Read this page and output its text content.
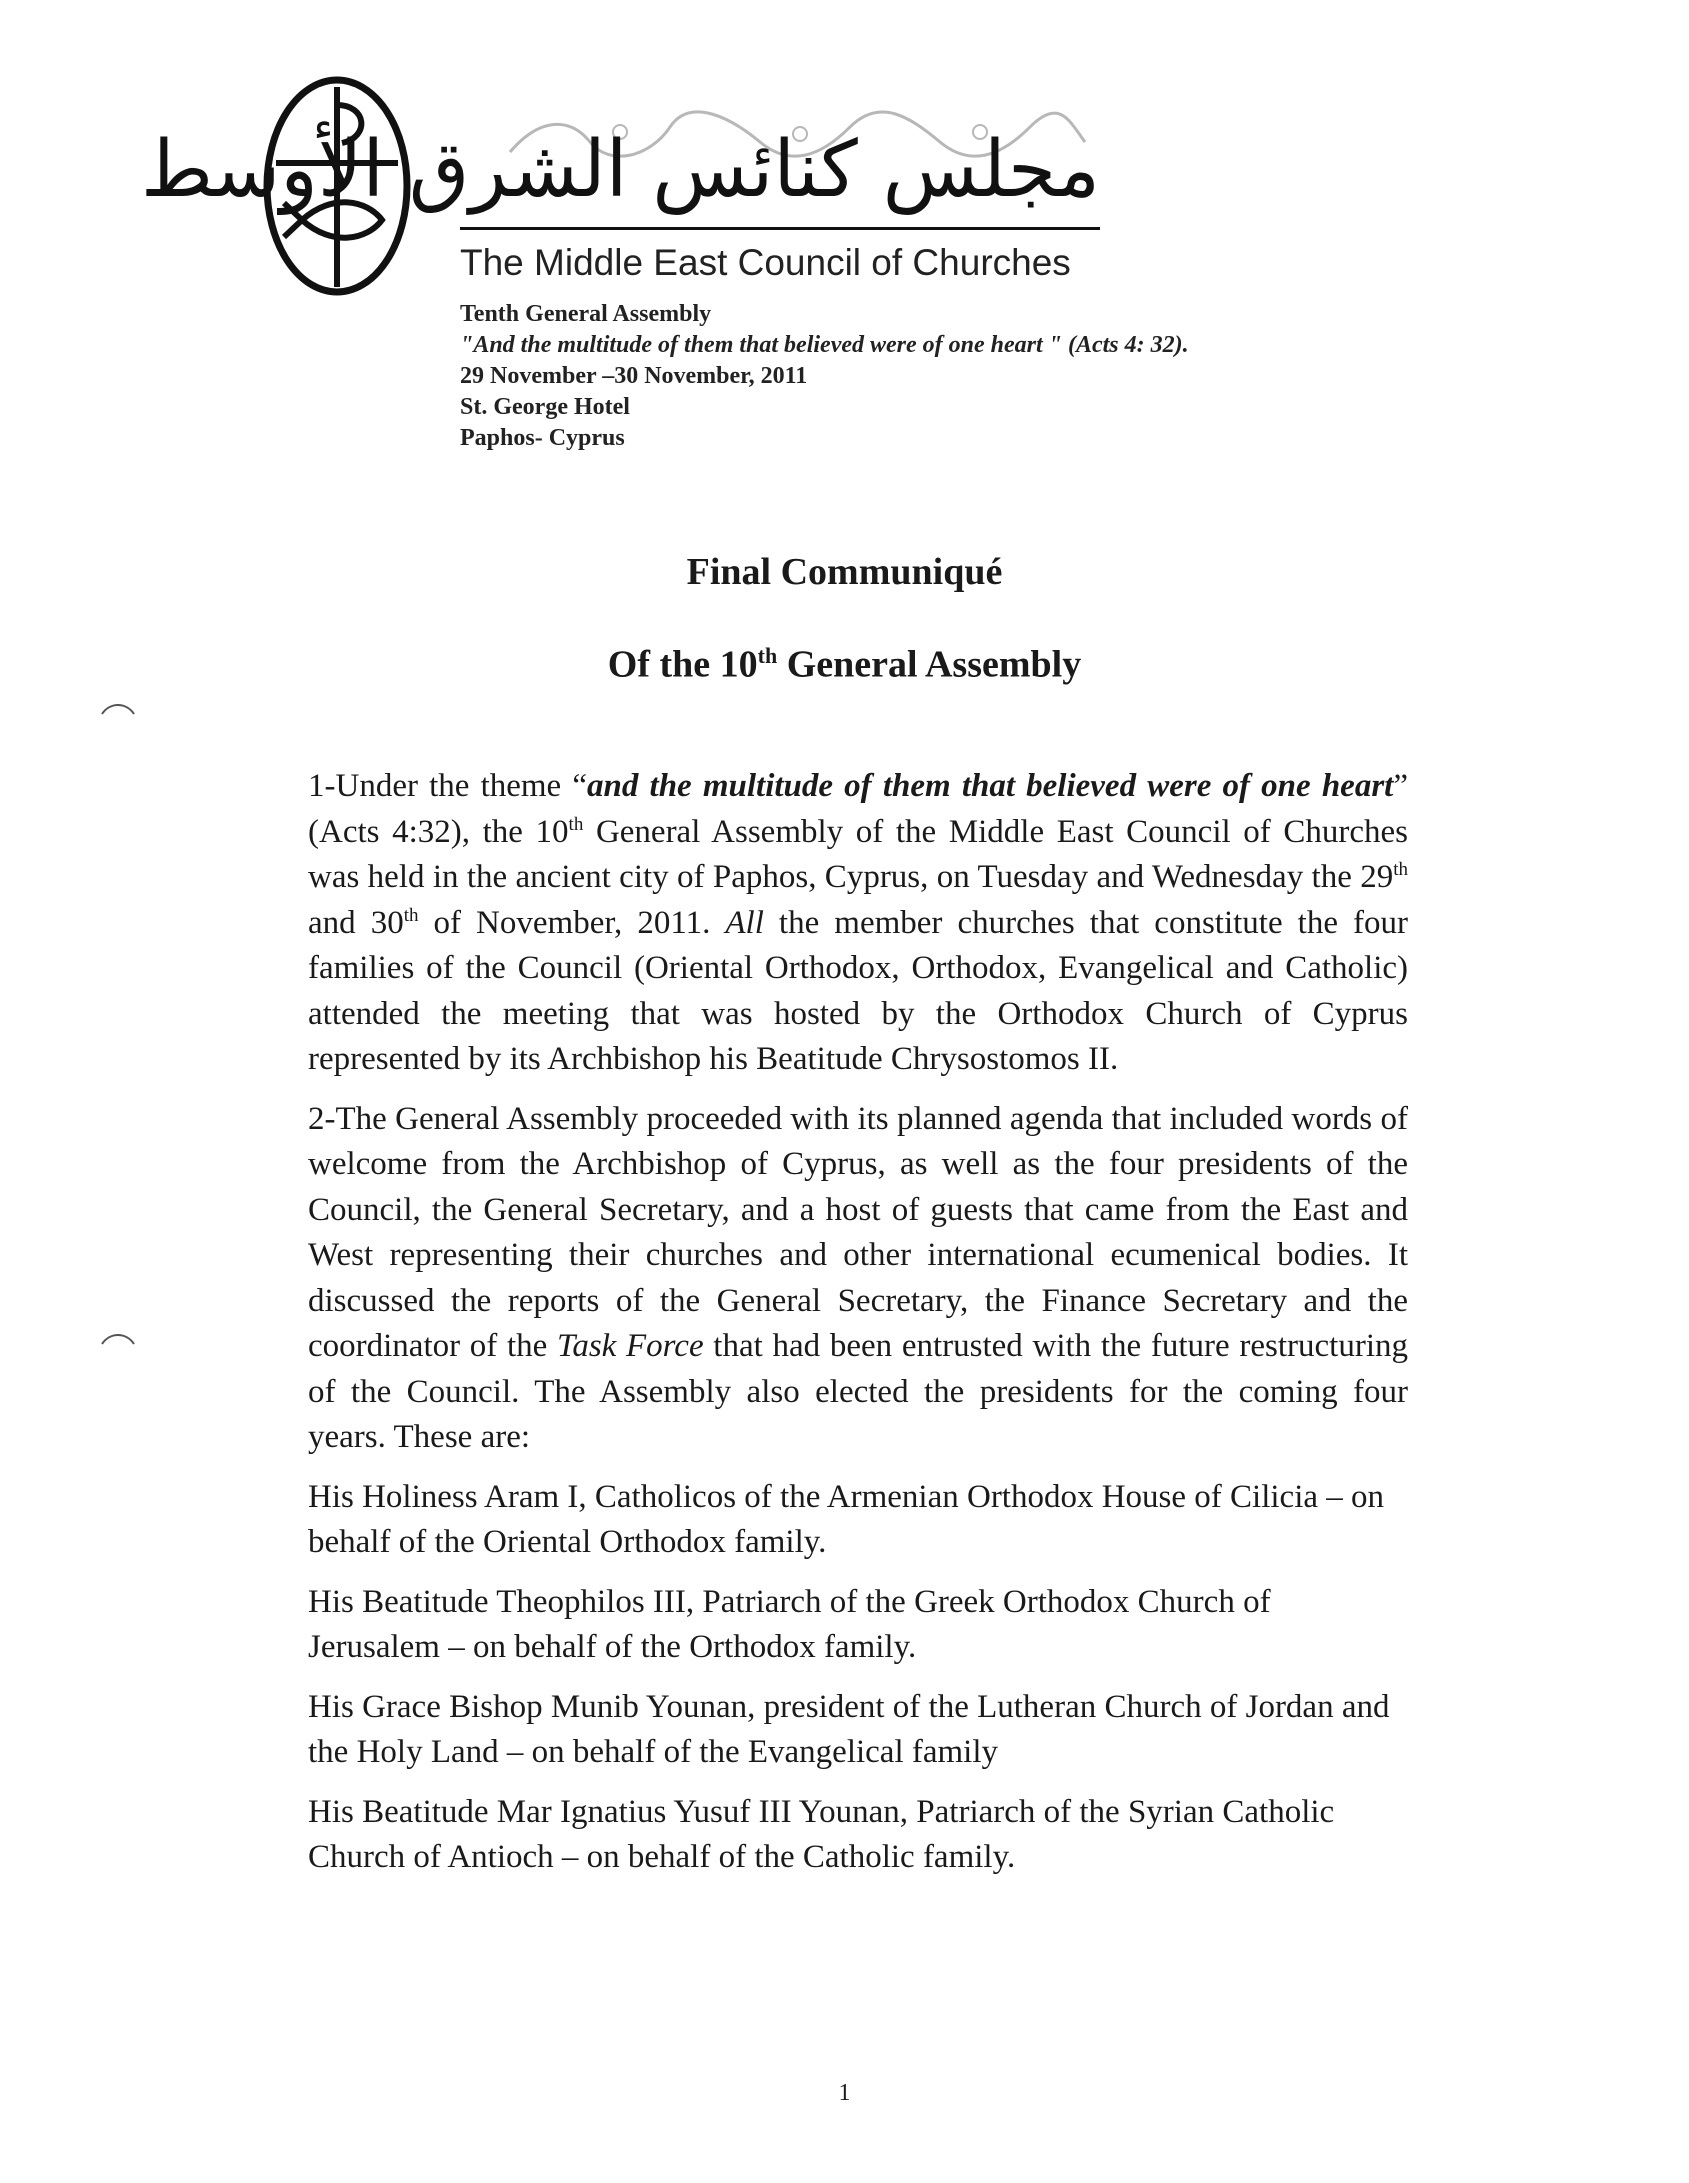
مجلس كنائس الشرق الأوسط
The Middle East Council of Churches
Tenth General Assembly
"And the multitude of them that believed were of one heart " (Acts 4: 32).
29 November –30 November, 2011
St. George Hotel
Paphos- Cyprus
Final Communiqué
Of the 10th General Assembly

1-Under the theme “and the multitude of them that believed were of one heart” (Acts 4:32), the 10th General Assembly of the Middle East Council of Churches was held in the ancient city of Paphos, Cyprus, on Tuesday and Wednesday the 29th and 30th of November, 2011. All the member churches that constitute the four families of the Council (Oriental Orthodox, Orthodox, Evangelical and Catholic) attended the meeting that was hosted by the Orthodox Church of Cyprus represented by its Archbishop his Beatitude Chrysostomos II.

2-The General Assembly proceeded with its planned agenda that included words of welcome from the Archbishop of Cyprus, as well as the four presidents of the Council, the General Secretary, and a host of guests that came from the East and West representing their churches and other international ecumenical bodies. It discussed the reports of the General Secretary, the Finance Secretary and the coordinator of the Task Force that had been entrusted with the future restructuring of the Council. The Assembly also elected the presidents for the coming four years. These are:

His Holiness Aram I, Catholicos of the Armenian Orthodox House of Cilicia – on behalf of the Oriental Orthodox family.

His Beatitude Theophilos III, Patriarch of the Greek Orthodox Church of Jerusalem – on behalf of the Orthodox family.

His Grace Bishop Munib Younan, president of the Lutheran Church of Jordan and the Holy Land – on behalf of the Evangelical family

His Beatitude Mar Ignatius Yusuf III Younan, Patriarch of the Syrian Catholic Church of Antioch – on behalf of the Catholic family.

1
